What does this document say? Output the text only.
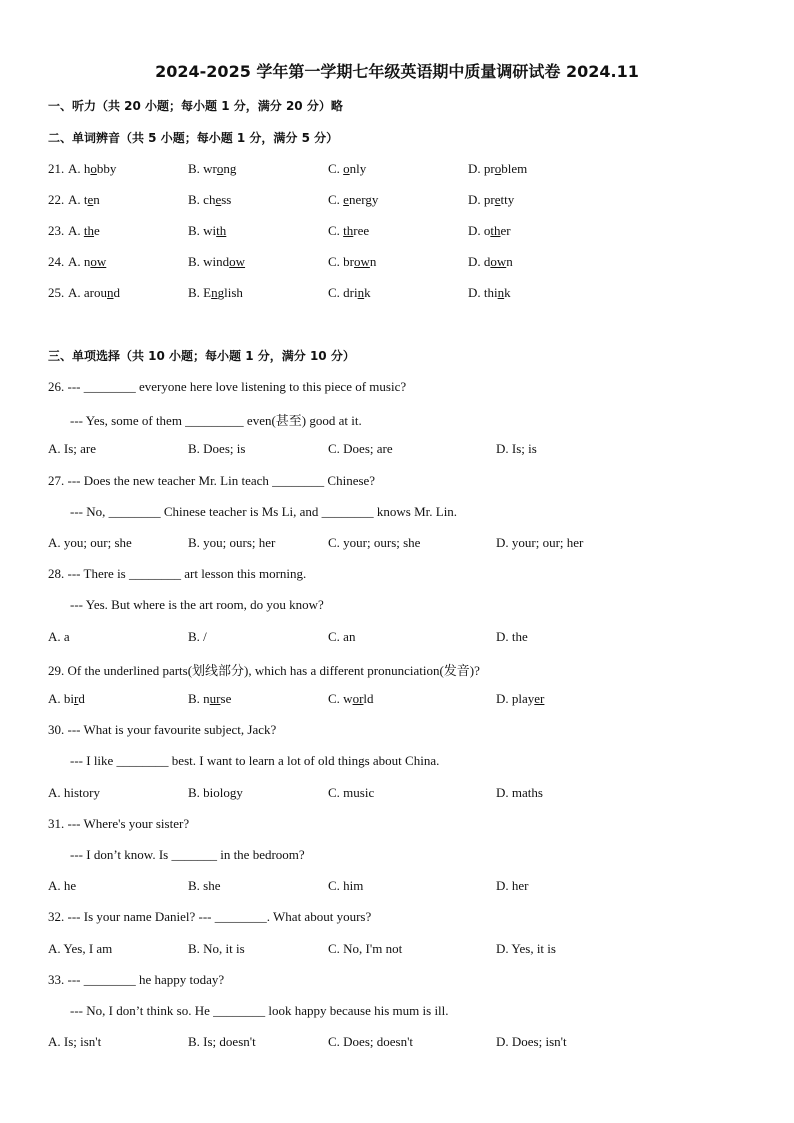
2024-2025 学年第一学期七年级英语期中质量调研试卷 2024.11
一、听力（共 20 小题；每小题 1 分，满分 20 分）略
二、单词辨音（共 5 小题；每小题 1 分，满分 5 分）
21. A. hobby	B. wrong	C. only	D. problem
22. A. ten	B. chess	C. energy	D. pretty
23. A. the	B. with	C. three	D. other
24. A. now	B. window	C. brown	D. down
25. A. around	B. English	C. drink	D. think
三、单项选择（共 10 小题；每小题 1 分，满分 10 分）
26. --- ________ everyone here love listening to this piece of music?
--- Yes, some of them _________ even(甚至) good at it.
A. Is; are	B. Does; is	C. Does; are	D. Is; is
27. --- Does the new teacher Mr. Lin teach ________ Chinese?
--- No, ________ Chinese teacher is Ms Li, and ________ knows Mr. Lin.
A. you; our; she	B. you; ours; her	C. your; ours; she	D. your; our; her
28. --- There is ________ art lesson this morning.
--- Yes. But where is the art room, do you know?
A. a	B. /	C. an	D. the
29. Of the underlined parts(划线部分), which has a different pronunciation(发音)?
A. bird	B. nurse	C. world	D. player
30. --- What is your favourite subject, Jack?
--- I like ________ best. I want to learn a lot of old things about China.
A. history	B. biology	C. music	D. maths
31. --- Where's your sister?
--- I don’t know. Is _______ in the bedroom?
A. he	B. she	C. him	D. her
32. --- Is your name Daniel? --- ________. What about yours?
A. Yes, I am	B. No, it is	C. No, I'm not	D. Yes, it is
33. --- ________ he happy today?
--- No, I don’t think so. He ________ look happy because his mum is ill.
A. Is; isn't	B. Is; doesn't	C. Does; doesn't	D. Does; isn't
